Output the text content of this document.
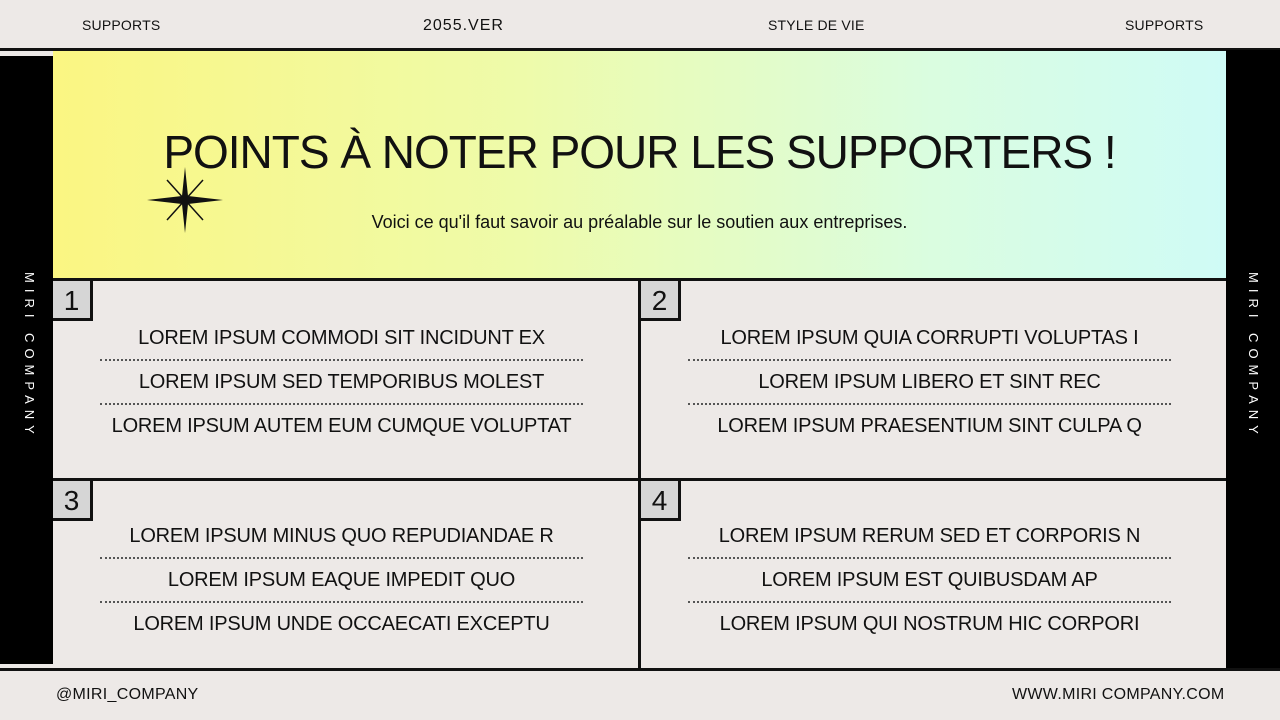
SUPPORTS	2055.VER	STYLE DE VIE	SUPPORTS
MIRI COMPANY	MIRI COMPANY
POINTS À NOTER POUR LES SUPPORTERS !
Voici ce qu'il faut savoir au préalable sur le soutien aux entreprises.
1
LOREM IPSUM COMMODI SIT INCIDUNT EX
LOREM IPSUM SED TEMPORIBUS MOLEST
LOREM IPSUM AUTEM EUM CUMQUE VOLUPTAT
2
LOREM IPSUM QUIA CORRUPTI VOLUPTAS I
LOREM IPSUM LIBERO ET SINT REC
LOREM IPSUM PRAESENTIUM SINT CULPA Q
3
LOREM IPSUM MINUS QUO REPUDIANDAE R
LOREM IPSUM EAQUE IMPEDIT QUO
LOREM IPSUM UNDE OCCAECATI EXCEPTU
4
LOREM IPSUM RERUM SED ET CORPORIS N
LOREM IPSUM EST QUIBUSDAM AP
LOREM IPSUM QUI NOSTRUM HIC CORPORI
@MIRI_COMPANY	WWW.MIRI COMPANY.COM
